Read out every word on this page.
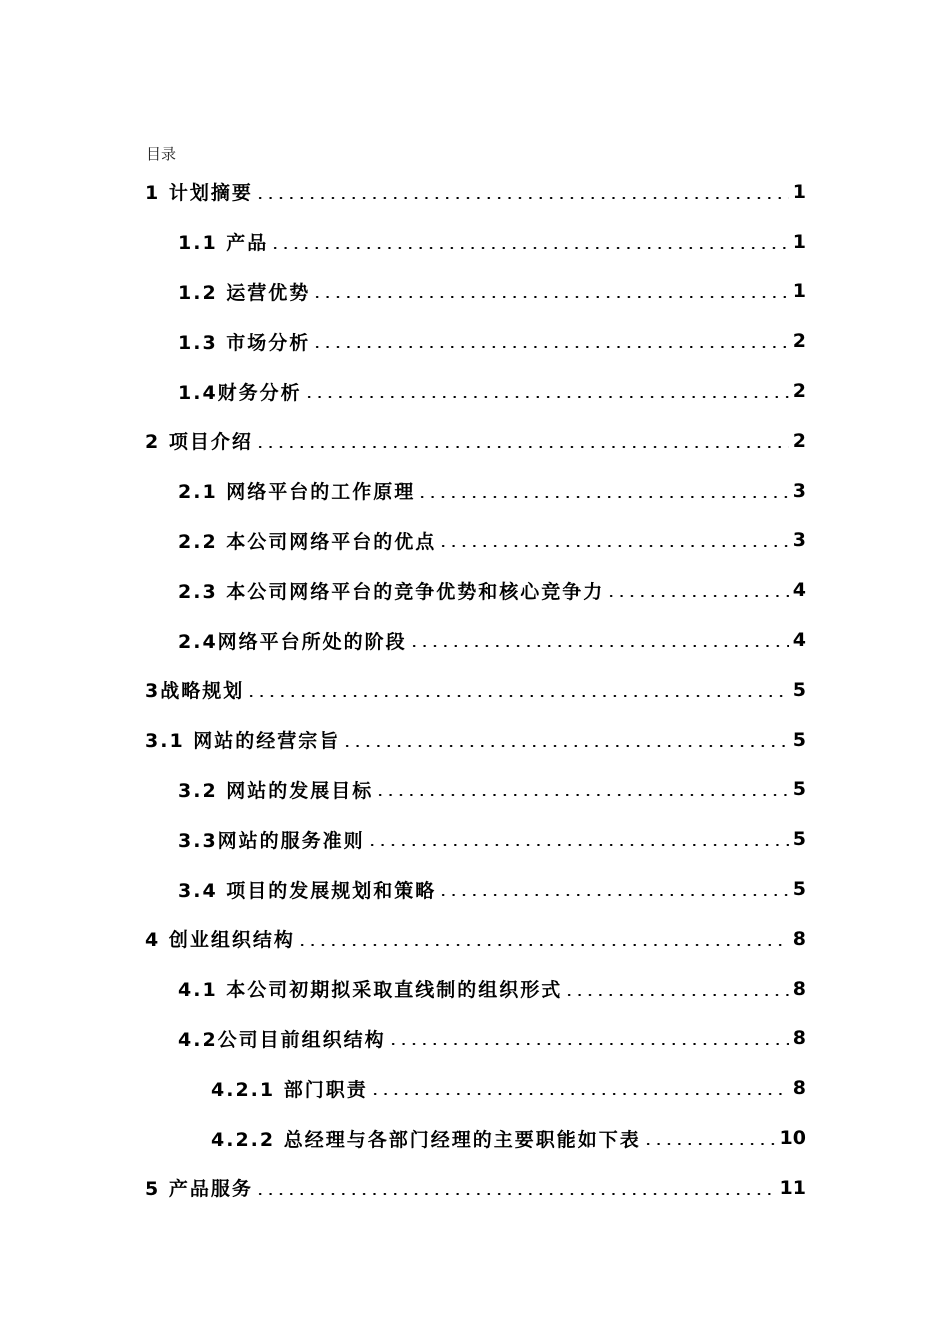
目录
1 计划摘要	1
1.1 产品	1
1.2 运营优势	1
1.3 市场分析	2
1.4财务分析	2
2 项目介绍	2
2.1 网络平台的工作原理	3
2.2 本公司网络平台的优点	3
2.3 本公司网络平台的竞争优势和核心竞争力	4
2.4网络平台所处的阶段	4
3战略规划	5
3.1 网站的经营宗旨	5
3.2 网站的发展目标	5
3.3网站的服务准则	5
3.4 项目的发展规划和策略	5
4 创业组织结构	8
4.1 本公司初期拟采取直线制的组织形式	8
4.2公司目前组织结构	8
4.2.1 部门职责	8
4.2.2 总经理与各部门经理的主要职能如下表	10
5 产品服务	11
